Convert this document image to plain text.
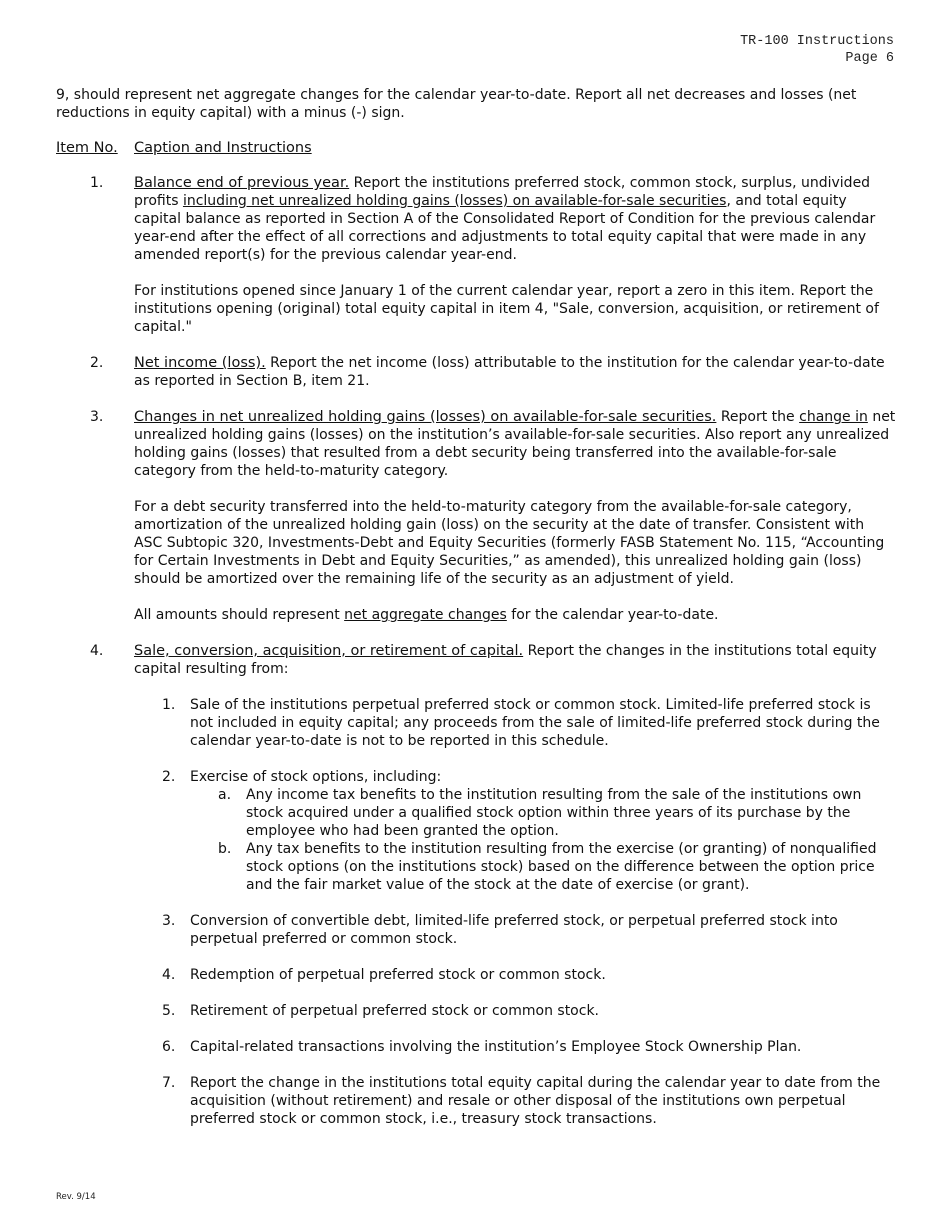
TR-100 Instructions
Page 6

9, should represent net aggregate changes for the calendar year-to-date. Report all net decreases and losses (net reductions in equity capital) with a minus (-) sign.

Item No. Caption and Instructions
1. Balance end of previous year. Report the institutions preferred stock, common stock, surplus, undivided profits including net unrealized holding gains (losses) on available-for-sale securities, and total equity capital balance as reported in Section A of the Consolidated Report of Condition for the previous calendar year-end after the effect of all corrections and adjustments to total equity capital that were made in any amended report(s) for the previous calendar year-end.

For institutions opened since January 1 of the current calendar year, report a zero in this item. Report the institutions opening (original) total equity capital in item 4, "Sale, conversion, acquisition, or retirement of capital."

2. Net income (loss). Report the net income (loss) attributable to the institution for the calendar year-to-date as reported in Section B, item 21.

3. Changes in net unrealized holding gains (losses) on available-for-sale securities. Report the change in net unrealized holding gains (losses) on the institution’s available-for-sale securities. Also report any unrealized holding gains (losses) that resulted from a debt security being transferred into the available-for-sale category from the held-to-maturity category.

For a debt security transferred into the held-to-maturity category from the available-for-sale category, amortization of the unrealized holding gain (loss) on the security at the date of transfer. Consistent with ASC Subtopic 320, Investments-Debt and Equity Securities (formerly FASB Statement No. 115, “Accounting for Certain Investments in Debt and Equity Securities,” as amended), this unrealized holding gain (loss) should be amortized over the remaining life of the security as an adjustment of yield.

All amounts should represent net aggregate changes for the calendar year-to-date.

4. Sale, conversion, acquisition, or retirement of capital. Report the changes in the institutions total equity capital resulting from:

1. Sale of the institutions perpetual preferred stock or common stock. Limited-life preferred stock is not included in equity capital; any proceeds from the sale of limited-life preferred stock during the calendar year-to-date is not to be reported in this schedule.

2. Exercise of stock options, including:

a. Any income tax benefits to the institution resulting from the sale of the institutions own stock acquired under a qualified stock option within three years of its purchase by the employee who had been granted the option.

b. Any tax benefits to the institution resulting from the exercise (or granting) of nonqualified stock options (on the institutions stock) based on the difference between the option price and the fair market value of the stock at the date of exercise (or grant).

3. Conversion of convertible debt, limited-life preferred stock, or perpetual preferred stock into perpetual preferred or common stock.

4. Redemption of perpetual preferred stock or common stock.

5. Retirement of perpetual preferred stock or common stock.

6. Capital-related transactions involving the institution’s Employee Stock Ownership Plan.

7. Report the change in the institutions total equity capital during the calendar year to date from the acquisition (without retirement) and resale or other disposal of the institutions own perpetual preferred stock or common stock, i.e., treasury stock transactions.

Rev. 9/14
